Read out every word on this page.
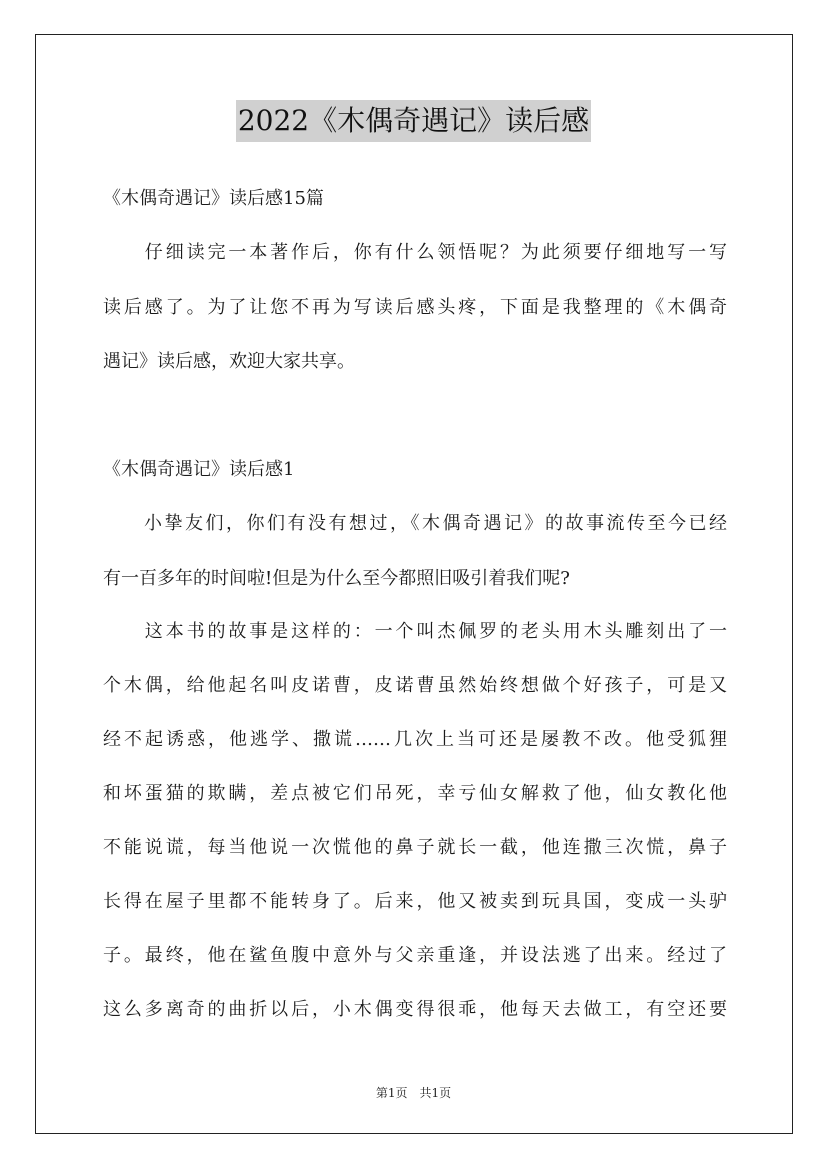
2022《木偶奇遇记》读后感

《木偶奇遇记》读后感15篇

　　仔细读完一本著作后，你有什么领悟呢？为此须要仔细地写一写

读后感了。为了让您不再为写读后感头疼，下面是我整理的《木偶奇

遇记》读后感，欢迎大家共享。

《木偶奇遇记》读后感1

　　小挚友们，你们有没有想过，《木偶奇遇记》的故事流传至今已经

有一百多年的时间啦!但是为什么至今都照旧吸引着我们呢?

　　这本书的故事是这样的：一个叫杰佩罗的老头用木头雕刻出了一

个木偶，给他起名叫皮诺曹，皮诺曹虽然始终想做个好孩子，可是又

经不起诱惑，他逃学、撒谎……几次上当可还是屡教不改。他受狐狸

和坏蛋猫的欺瞒，差点被它们吊死，幸亏仙女解救了他，仙女教化他

不能说谎，每当他说一次慌他的鼻子就长一截，他连撒三次慌，鼻子

长得在屋子里都不能转身了。后来，他又被卖到玩具国，变成一头驴

子。最终，他在鲨鱼腹中意外与父亲重逢，并设法逃了出来。经过了

这么多离奇的曲折以后，小木偶变得很乖，他每天去做工，有空还要

第1页　共1页
